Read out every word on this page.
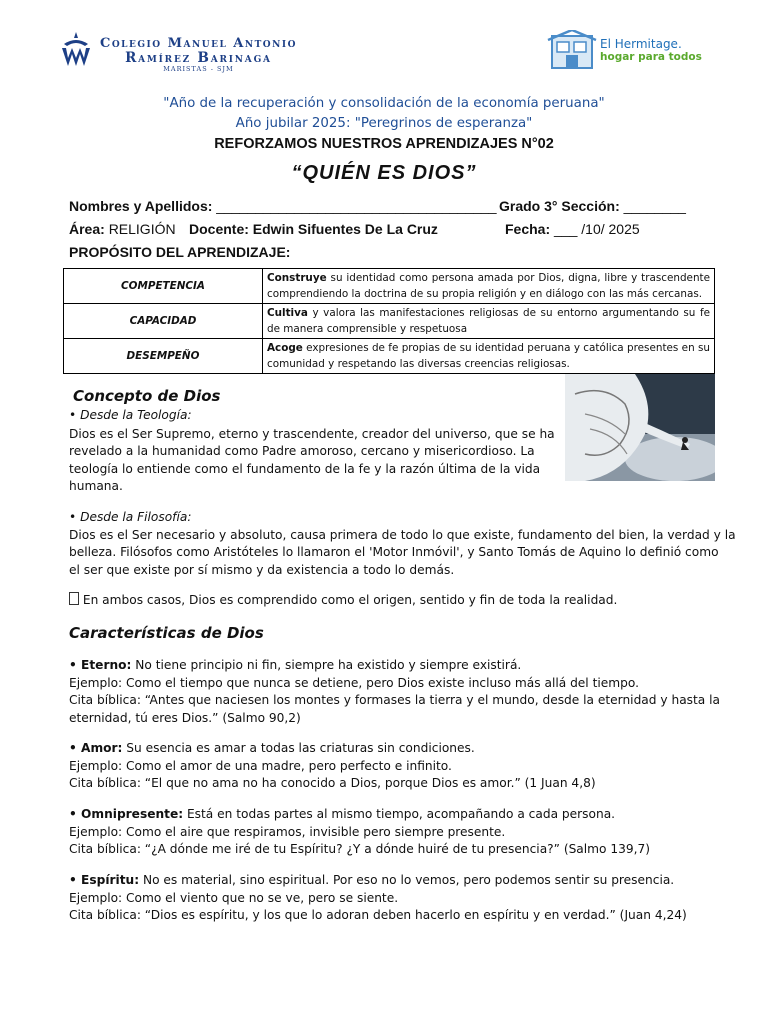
Colegio Manuel Antonio
Ramírez Barinaga
MARISTAS - SJM
El Hermitage.
hogar para todos
"Año de la recuperación y consolidación de la economía peruana"
Año jubilar 2025: "Peregrinos de esperanza"
REFORZAMOS NUESTROS APRENDIZAJES N°02
“QUIÉN ES DIOS”
Nombres y Apellidos: ____________________________________ Grado 3° Sección: ________
Área: RELIGIÓN Docente: Edwin Sifuentes De La Cruz	Fecha: ___ /10/ 2025
PROPÓSITO DEL APRENDIZAJE:
COMPETENCIA	Construye su identidad como persona amada por Dios, digna, libre y trascendente comprendiendo la doctrina de su propia religión y en diálogo con las más cercanas.
CAPACIDAD	Cultiva y valora las manifestaciones religiosas de su entorno argumentando su fe de manera comprensible y respetuosa
DESEMPEÑO	Acoge expresiones de fe propias de su identidad peruana y católica presentes en su comunidad y respetando las diversas creencias religiosas.
Concepto de Dios
• Desde la Teología:
Dios es el Ser Supremo, eterno y trascendente, creador del universo, que se ha
revelado a la humanidad como Padre amoroso, cercano y misericordioso. La
teología lo entiende como el fundamento de la fe y la razón última de la vida
humana.
• Desde la Filosofía:
Dios es el Ser necesario y absoluto, causa primera de todo lo que existe, fundamento del bien, la verdad y la
belleza. Filósofos como Aristóteles lo llamaron el 'Motor Inmóvil', y Santo Tomás de Aquino lo definió como
el ser que existe por sí mismo y da existencia a todo lo demás.
En ambos casos, Dios es comprendido como el origen, sentido y fin de toda la realidad.
Características de Dios
• Eterno: No tiene principio ni fin, siempre ha existido y siempre existirá.
Ejemplo: Como el tiempo que nunca se detiene, pero Dios existe incluso más allá del tiempo.
Cita bíblica: “Antes que naciesen los montes y formases la tierra y el mundo, desde la eternidad y hasta la
eternidad, tú eres Dios.” (Salmo 90,2)
• Amor: Su esencia es amar a todas las criaturas sin condiciones.
Ejemplo: Como el amor de una madre, pero perfecto e infinito.
Cita bíblica: “El que no ama no ha conocido a Dios, porque Dios es amor.” (1 Juan 4,8)
• Omnipresente: Está en todas partes al mismo tiempo, acompañando a cada persona.
Ejemplo: Como el aire que respiramos, invisible pero siempre presente.
Cita bíblica: “¿A dónde me iré de tu Espíritu? ¿Y a dónde huiré de tu presencia?” (Salmo 139,7)
• Espíritu: No es material, sino espiritual. Por eso no lo vemos, pero podemos sentir su presencia.
Ejemplo: Como el viento que no se ve, pero se siente.
Cita bíblica: “Dios es espíritu, y los que lo adoran deben hacerlo en espíritu y en verdad.” (Juan 4,24)
